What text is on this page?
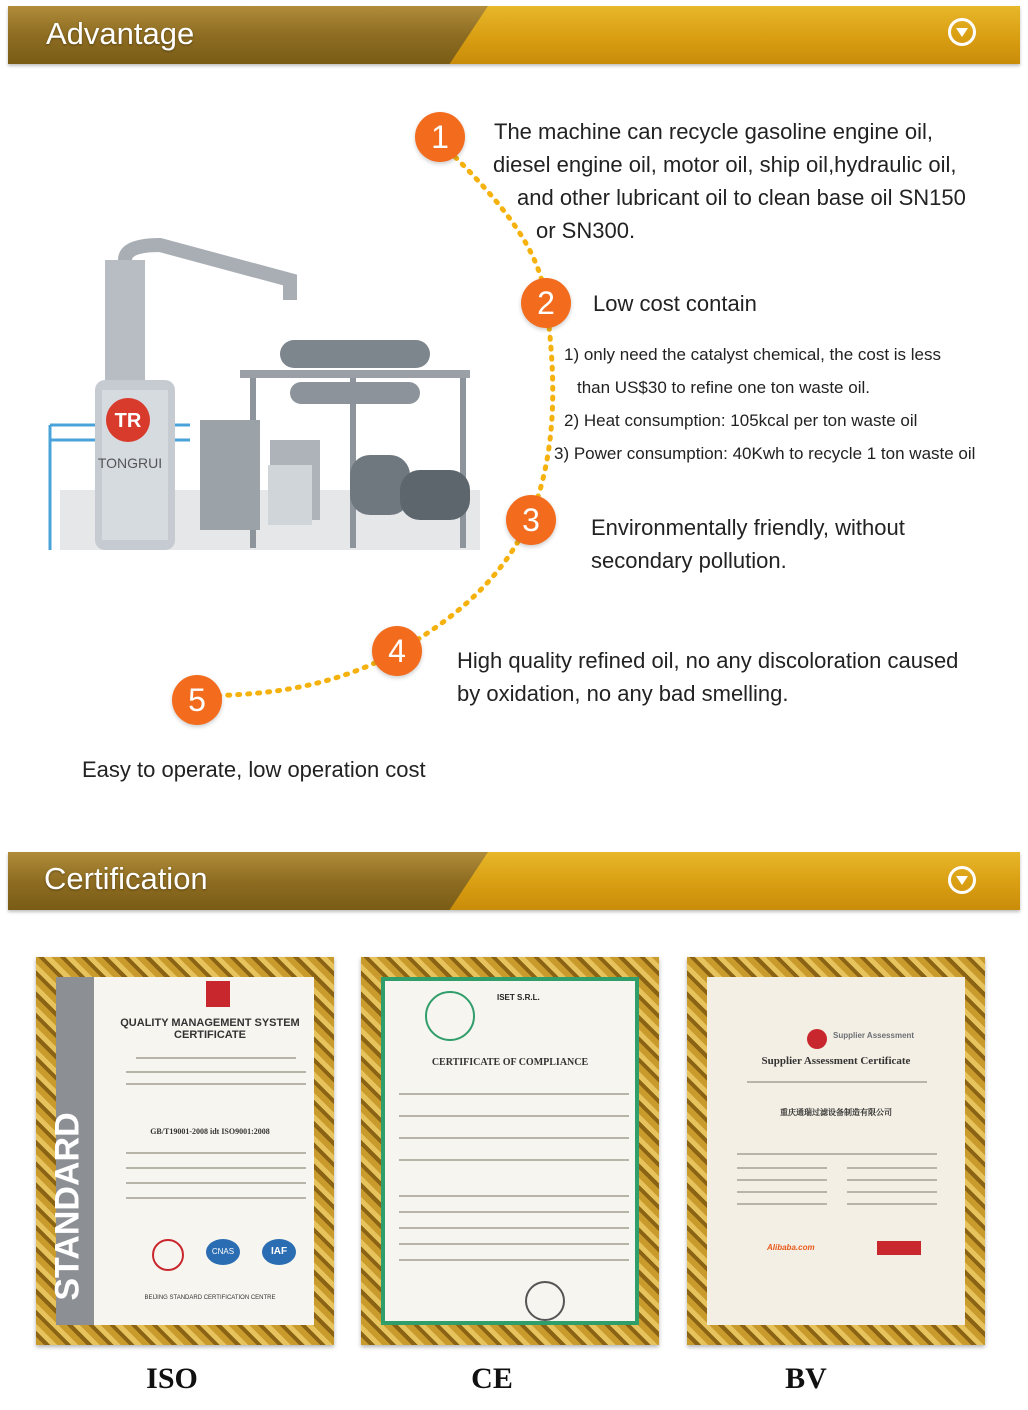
Advantage
TR
TONGRUI
1	The machine can recycle gasoline engine oil,
diesel engine oil, motor oil, ship oil,hydraulic oil,
and other lubricant oil to clean base oil SN150
or SN300.
2	Low cost contain
1) only need the catalyst chemical, the cost is less
than US$30 to refine one ton waste oil.
2) Heat consumption: 105kcal per ton waste oil
3) Power consumption: 40Kwh to recycle 1 ton waste oil
3	Environmentally friendly, without
secondary pollution.
4	High quality refined oil, no any discoloration caused
by oxidation, no any bad smelling.
5
Easy to operate, low operation cost
Certification
STANDARD
QUALITY MANAGEMENT SYSTEM CERTIFICATE
GB/T19001-2008 idt ISO9001:2008
CNAS	IAF
BEIJING STANDARD CERTIFICATION CENTRE
ISO
ISET S.R.L.
CERTIFICATE OF COMPLIANCE
CE
Supplier Assessment
Supplier Assessment Certificate
重庆通瑞过滤设备制造有限公司
Alibaba.com
BV
